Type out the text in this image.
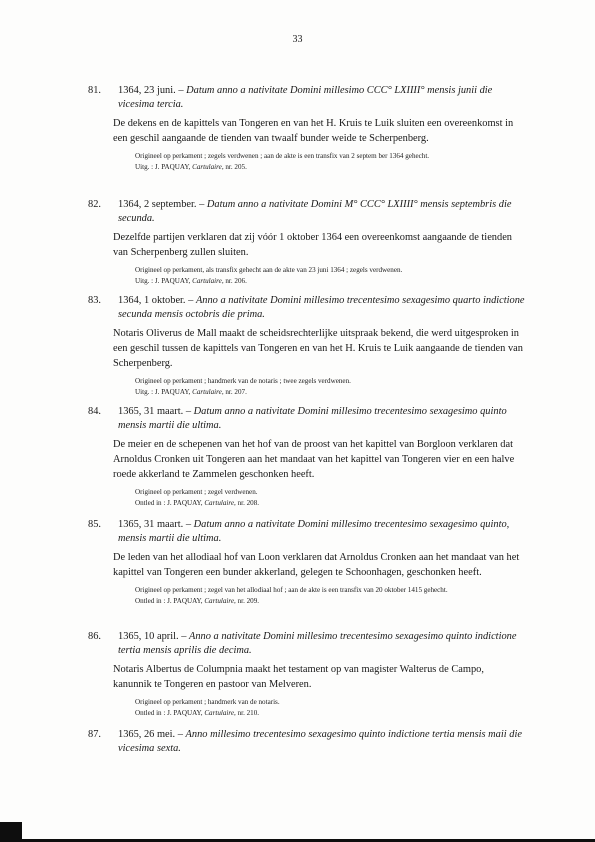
33
81.	1364, 23 juni. – Datum anno a nativitate Domini millesimo CCC° LXIIII° mensis junii die vicesima tercia.
De dekens en de kapittels van Tongeren en van het H. Kruis te Luik sluiten een overeenkomst in een geschil aangaande de tienden van twaalf bunder weide te Scherpenberg.
Origineel op perkament ; zegels verdwenen ; aan de akte is een transfix van 2 septem ber 1364 gehecht.
Uitg. : J. PAQUAY, Cartulaire, nr. 205.
82.	1364, 2 september. – Datum anno a nativitate Domini M° CCC° LXIIII° mensis septembris die secunda.
Dezelfde partijen verklaren dat zij vóór 1 oktober 1364 een overeenkomst aangaande de tienden van Scherpenberg zullen sluiten.
Origineel op perkament, als transfix gehecht aan de akte van 23 juni 1364 ; zegels verdwenen.
Uitg. : J. PAQUAY, Cartulaire, nr. 206.
83.	1364, 1 oktober. – Anno a nativitate Domini millesimo trecentesimo sexagesimo quarto indictione secunda mensis octobris die prima.
Notaris Oliverus de Mall maakt de scheidsrechterlijke uitspraak bekend, die werd uitgesproken in een geschil tussen de kapittels van Tongeren en van het H. Kruis te Luik aangaande de tienden van Scherpenberg.
Origineel op perkament ; handmerk van de notaris ; twee zegels verdwenen.
Uitg. : J. PAQUAY, Cartulaire, nr. 207.
84.	1365, 31 maart. – Datum anno a nativitate Domini millesimo trecentesimo sexagesimo quinto mensis martii die ultima.
De meier en de schepenen van het hof van de proost van het kapittel van Borgloon verklaren dat Arnoldus Cronken uit Tongeren aan het mandaat van het kapittel van Tongeren vier en een halve roede akkerland te Zammelen geschonken heeft.
Origineel op perkament ; zegel verdwenen.
Ontled in : J. PAQUAY, Cartulaire, nr. 208.
85.	1365, 31 maart. – Datum anno a nativitate Domini millesimo trecentesimo sexagesimo quinto, mensis martii die ultima.
De leden van het allodiaal hof van Loon verklaren dat Arnoldus Cronken aan het mandaat van het kapittel van Tongeren een bunder akkerland, gelegen te Schoonhagen, geschonken heeft.
Origineel op perkament ; zegel van het allodiaal hof ; aan de akte is een transfix van 20 oktober 1415 gehecht.
Ontled in : J. PAQUAY, Cartulaire, nr. 209.
86.	1365, 10 april. – Anno a nativitate Domini millesimo trecentesimo sexagesimo quinto indictione tertia mensis aprilis die decima.
Notaris Albertus de Columpnia maakt het testament op van magister Walterus de Campo, kanunnik te Tongeren en pastoor van Melveren.
Origineel op perkament ; handmerk van de notaris.
Ontled in : J. PAQUAY, Cartulaire, nr. 210.
87.	1365, 26 mei. – Anno millesimo trecentesimo sexagesimo quinto indictione tertia mensis maii die vicesima sexta.
